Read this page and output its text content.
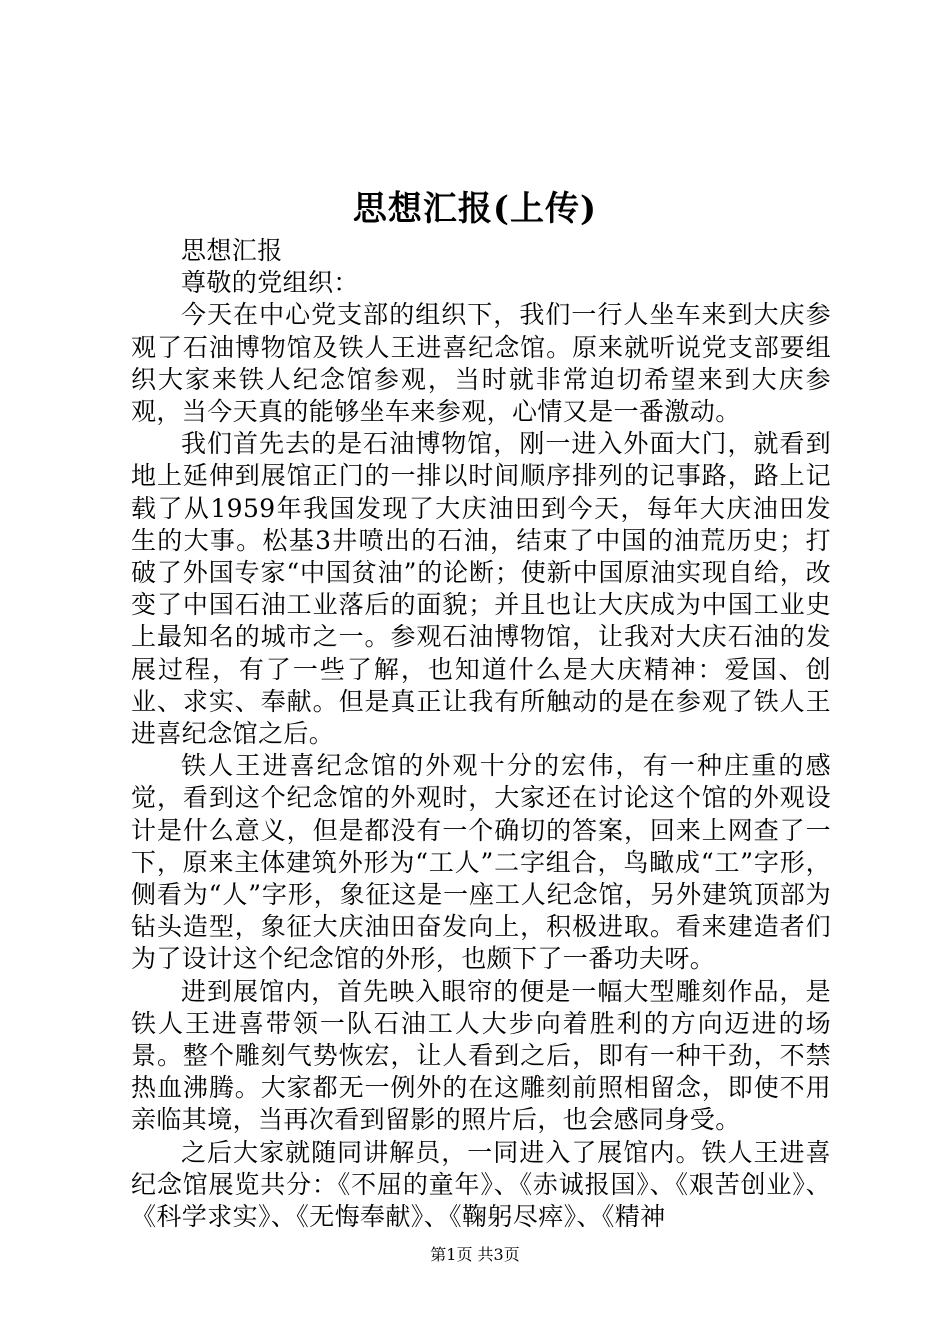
思想汇报(上传)

思想汇报

尊敬的党组织：

今天在中心党支部的组织下，我们一行人坐车来到大庆参观了石油博物馆及铁人王进喜纪念馆。原来就听说党支部要组织大家来铁人纪念馆参观，当时就非常迫切希望来到大庆参观，当今天真的能够坐车来参观，心情又是一番激动。

我们首先去的是石油博物馆，刚一进入外面大门，就看到地上延伸到展馆正门的一排以时间顺序排列的记事路，路上记载了从1959年我国发现了大庆油田到今天，每年大庆油田发生的大事。松基3井喷出的石油，结束了中国的油荒历史；打破了外国专家“中国贫油”的论断；使新中国原油实现自给，改变了中国石油工业落后的面貌；并且也让大庆成为中国工业史上最知名的城市之一。参观石油博物馆，让我对大庆石油的发展过程，有了一些了解，也知道什么是大庆精神：爱国、创业、求实、奉献。但是真正让我有所触动的是在参观了铁人王进喜纪念馆之后。

铁人王进喜纪念馆的外观十分的宏伟，有一种庄重的感觉，看到这个纪念馆的外观时，大家还在讨论这个馆的外观设计是什么意义，但是都没有一个确切的答案，回来上网查了一下，原来主体建筑外形为“工人”二字组合，鸟瞰成“工”字形，侧看为“人”字形，象征这是一座工人纪念馆，另外建筑顶部为钻头造型，象征大庆油田奋发向上，积极进取。看来建造者们为了设计这个纪念馆的外形，也颇下了一番功夫呀。

进到展馆内，首先映入眼帘的便是一幅大型雕刻作品，是铁人王进喜带领一队石油工人大步向着胜利的方向迈进的场景。整个雕刻气势恢宏，让人看到之后，即有一种干劲，不禁热血沸腾。大家都无一例外的在这雕刻前照相留念，即使不用亲临其境，当再次看到留影的照片后，也会感同身受。

之后大家就随同讲解员，一同进入了展馆内。铁人王进喜纪念馆展览共分：《不屈的童年》、《赤诚报国》、《艰苦创业》、《科学求实》、《无悔奉献》、《鞠躬尽瘁》、《精神

第1页 共3页
